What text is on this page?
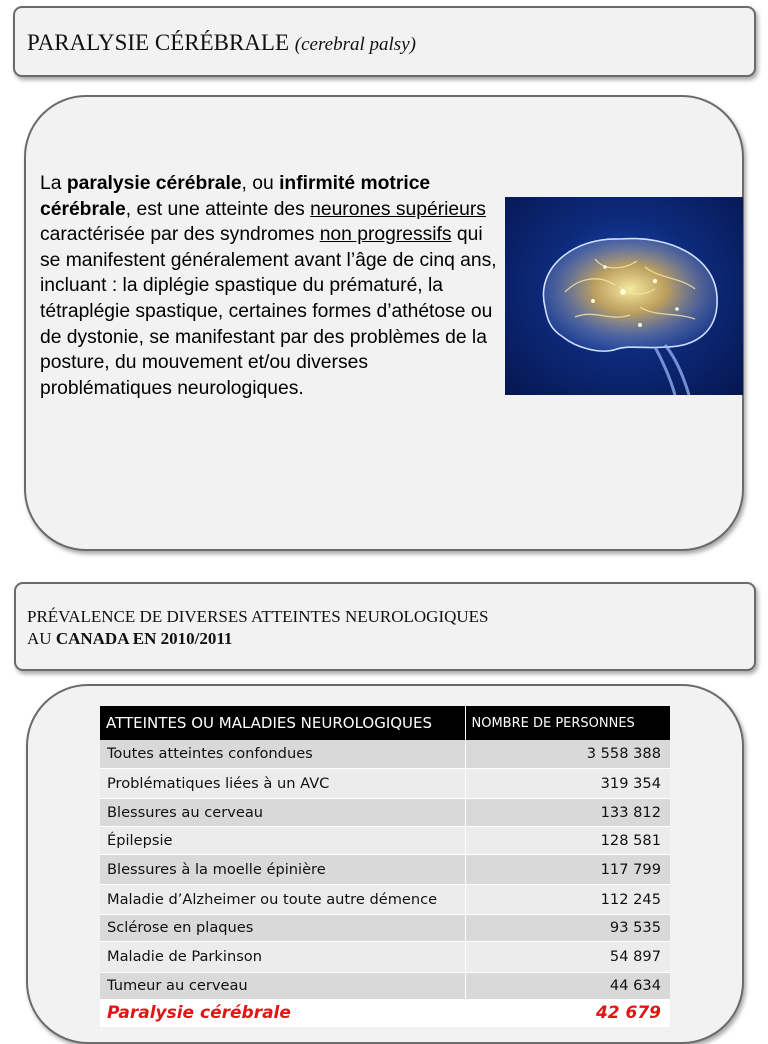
PARALYSIE CÉRÉBRALE (cerebral palsy)
La paralysie cérébrale, ou infirmité motrice cérébrale, est une atteinte des neurones supérieurs caractérisée par des syndromes non progressifs qui se manifestent généralement avant l’âge de cinq ans, incluant : la diplégie spastique du prématuré, la tétraplégie spastique, certaines formes d’athétose ou de dystonie, se manifestant par des problèmes de la posture, du mouvement et/ou diverses problématiques neurologiques.
PRÉVALENCE DE DIVERSES ATTEINTES NEUROLOGIQUES
AU CANADA EN 2010/2011
ATTEINTES OU MALADIES NEUROLOGIQUES	NOMBRE DE PERSONNES
Toutes atteintes confondues	3 558 388
Problématiques liées à un AVC	319 354
Blessures au cerveau	133 812
Épilepsie	128 581
Blessures à la moelle épinière	117 799
Maladie d’Alzheimer ou toute autre démence	112 245
Sclérose en plaques	93 535
Maladie de Parkinson	54 897
Tumeur au cerveau	44 634
Paralysie cérébrale	42 679
